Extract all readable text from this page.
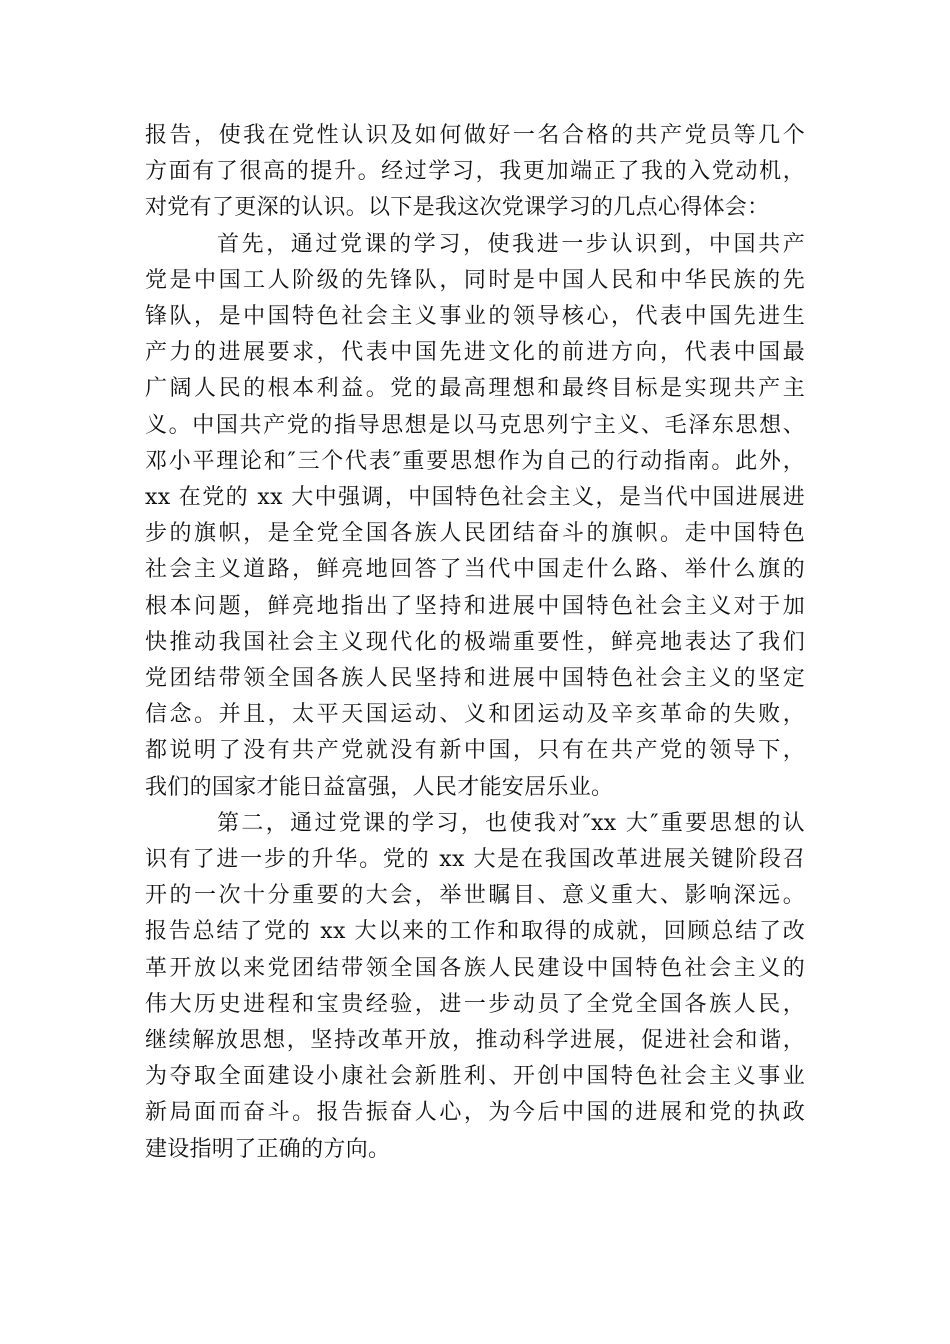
报告，使我在党性认识及如何做好一名合格的共产党员等几个
方面有了很高的提升。经过学习，我更加端正了我的入党动机，
对党有了更深的认识。以下是我这次党课学习的几点心得体会：
首先，通过党课的学习，使我进一步认识到，中国共产
党是中国工人阶级的先锋队，同时是中国人民和中华民族的先
锋队，是中国特色社会主义事业的领导核心，代表中国先进生
产力的进展要求，代表中国先进文化的前进方向，代表中国最
广阔人民的根本利益。党的最高理想和最终目标是实现共产主
义。中国共产党的指导思想是以马克思列宁主义、毛泽东思想、
邓小平理论和″三个代表″重要思想作为自己的行动指南。此外，
xx 在党的 xx 大中强调，中国特色社会主义，是当代中国进展进
步的旗帜，是全党全国各族人民团结奋斗的旗帜。走中国特色
社会主义道路，鲜亮地回答了当代中国走什么路、举什么旗的
根本问题，鲜亮地指出了坚持和进展中国特色社会主义对于加
快推动我国社会主义现代化的极端重要性，鲜亮地表达了我们
党团结带领全国各族人民坚持和进展中国特色社会主义的坚定
信念。并且，太平天国运动、义和团运动及辛亥革命的失败，
都说明了没有共产党就没有新中国，只有在共产党的领导下，
我们的国家才能日益富强，人民才能安居乐业。
第二，通过党课的学习，也使我对″xx 大″重要思想的认
识有了进一步的升华。党的 xx 大是在我国改革进展关键阶段召
开的一次十分重要的大会，举世瞩目、意义重大、影响深远。
报告总结了党的 xx 大以来的工作和取得的成就，回顾总结了改
革开放以来党团结带领全国各族人民建设中国特色社会主义的
伟大历史进程和宝贵经验，进一步动员了全党全国各族人民，
继续解放思想，坚持改革开放，推动科学进展，促进社会和谐，
为夺取全面建设小康社会新胜利、开创中国特色社会主义事业
新局面而奋斗。报告振奋人心，为今后中国的进展和党的执政
建设指明了正确的方向。
